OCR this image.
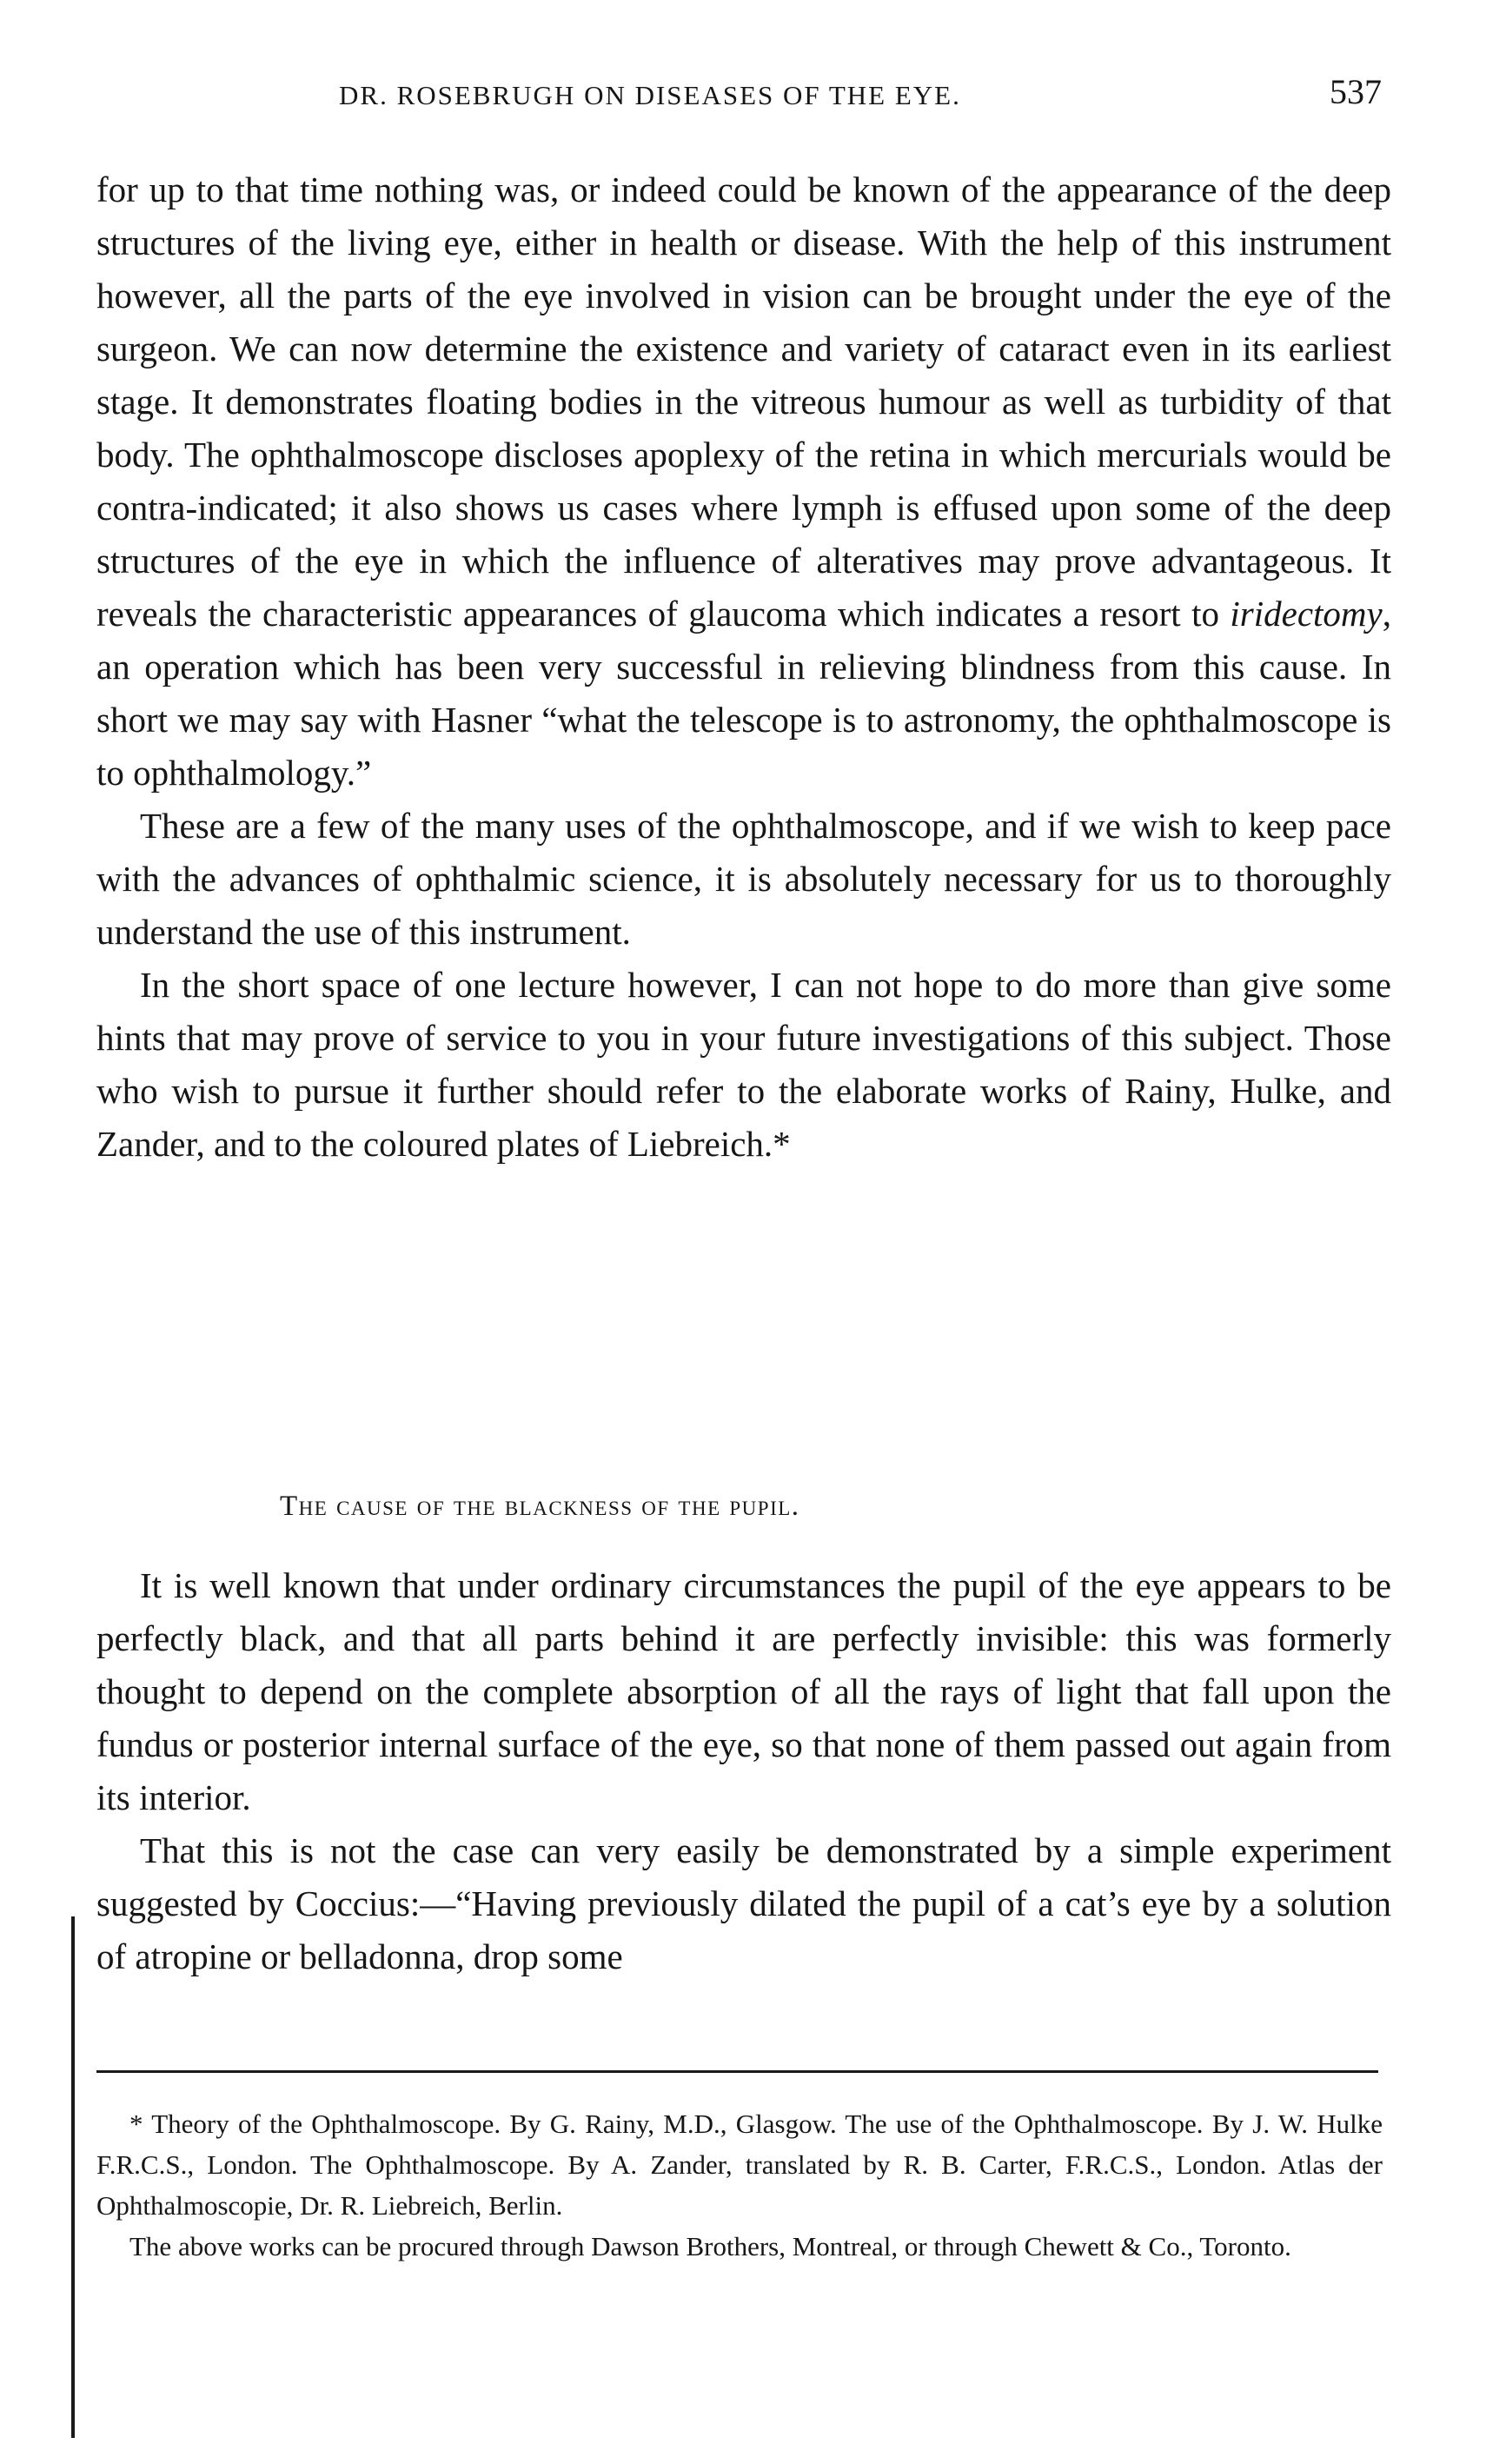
DR. ROSEBRUGH ON DISEASES OF THE EYE.	537

for up to that time nothing was, or indeed could be known of the appearance of the deep structures of the living eye, either in health or disease. With the help of this instrument however, all the parts of the eye involved in vision can be brought under the eye of the surgeon. We can now determine the existence and variety of cataract even in its earliest stage. It demonstrates floating bodies in the vitreous humour as well as turbidity of that body. The ophthalmoscope discloses apoplexy of the retina in which mercurials would be contra-indicated; it also shows us cases where lymph is effused upon some of the deep structures of the eye in which the influence of alteratives may prove advantageous. It reveals the characteristic appearances of glaucoma which indicates a resort to iridectomy, an operation which has been very successful in relieving blindness from this cause. In short we may say with Hasner “what the telescope is to astronomy, the ophthalmoscope is to ophthalmology.”

These are a few of the many uses of the ophthalmoscope, and if we wish to keep pace with the advances of ophthalmic science, it is absolutely necessary for us to thoroughly understand the use of this instrument.

In the short space of one lecture however, I can not hope to do more than give some hints that may prove of service to you in your future investigations of this subject. Those who wish to pursue it further should refer to the elaborate works of Rainy, Hulke, and Zander, and to the coloured plates of Liebreich.*

The cause of the blackness of the pupil.

It is well known that under ordinary circumstances the pupil of the eye appears to be perfectly black, and that all parts behind it are perfectly invisible: this was formerly thought to depend on the complete absorption of all the rays of light that fall upon the fundus or posterior internal surface of the eye, so that none of them passed out again from its interior.

That this is not the case can very easily be demonstrated by a simple experiment suggested by Coccius:—“Having previously dilated the pupil of a cat’s eye by a solution of atropine or belladonna, drop some

* Theory of the Ophthalmoscope. By G. Rainy, M.D., Glasgow. The use of the Ophthalmoscope. By J. W. Hulke F.R.C.S., London. The Ophthalmoscope. By A. Zander, translated by R. B. Carter, F.R.C.S., London. Atlas der Ophthalmoscopie, Dr. R. Liebreich, Berlin.

The above works can be procured through Dawson Brothers, Montreal, or through Chewett & Co., Toronto.
